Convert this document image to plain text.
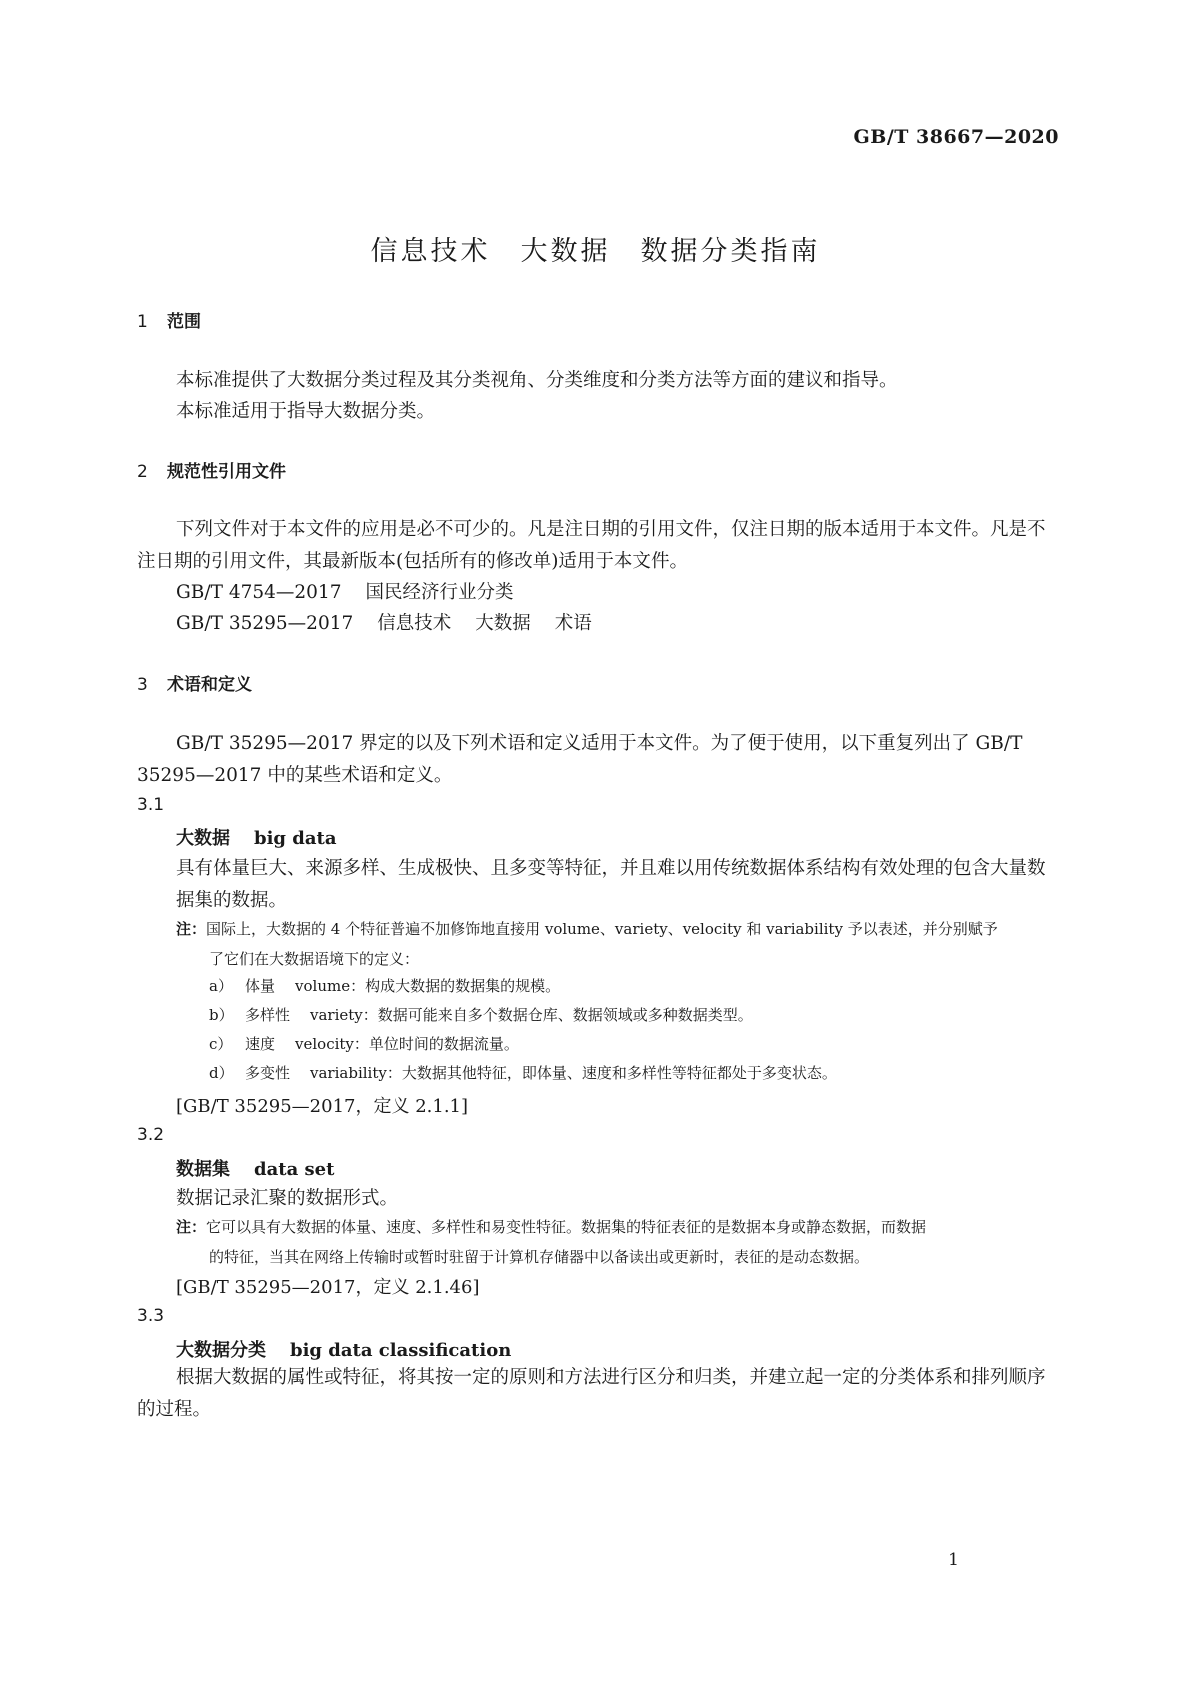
GB/T 38667—2020
信息技术 大数据 数据分类指南
1 范围
本标准提供了大数据分类过程及其分类视角、分类维度和分类方法等方面的建议和指导。
本标准适用于指导大数据分类。
2 规范性引用文件
下列文件对于本文件的应用是必不可少的。凡是注日期的引用文件，仅注日期的版本适用于本文件。凡是不注日期的引用文件，其最新版本(包括所有的修改单)适用于本文件。
GB/T 4754—2017 国民经济行业分类
GB/T 35295—2017 信息技术 大数据 术语
3 术语和定义
GB/T 35295—2017 界定的以及下列术语和定义适用于本文件。为了便于使用，以下重复列出了 GB/T 35295—2017 中的某些术语和定义。
3.1
大数据 big data
具有体量巨大、来源多样、生成极快、且多变等特征，并且难以用传统数据体系结构有效处理的包含大量数据集的数据。
注：国际上，大数据的 4 个特征普遍不加修饰地直接用 volume、variety、velocity 和 variability 予以表述，并分别赋予
了它们在大数据语境下的定义：
a） 体量 volume：构成大数据的数据集的规模。
b） 多样性 variety：数据可能来自多个数据仓库、数据领域或多种数据类型。
c） 速度 velocity：单位时间的数据流量。
d） 多变性 variability：大数据其他特征，即体量、速度和多样性等特征都处于多变状态。
[GB/T 35295—2017，定义 2.1.1]
3.2
数据集 data set
数据记录汇聚的数据形式。
注：它可以具有大数据的体量、速度、多样性和易变性特征。数据集的特征表征的是数据本身或静态数据，而数据
的特征，当其在网络上传输时或暂时驻留于计算机存储器中以备读出或更新时，表征的是动态数据。
[GB/T 35295—2017，定义 2.1.46]
3.3
大数据分类 big data classification
根据大数据的属性或特征，将其按一定的原则和方法进行区分和归类，并建立起一定的分类体系和排列顺序的过程。
1
